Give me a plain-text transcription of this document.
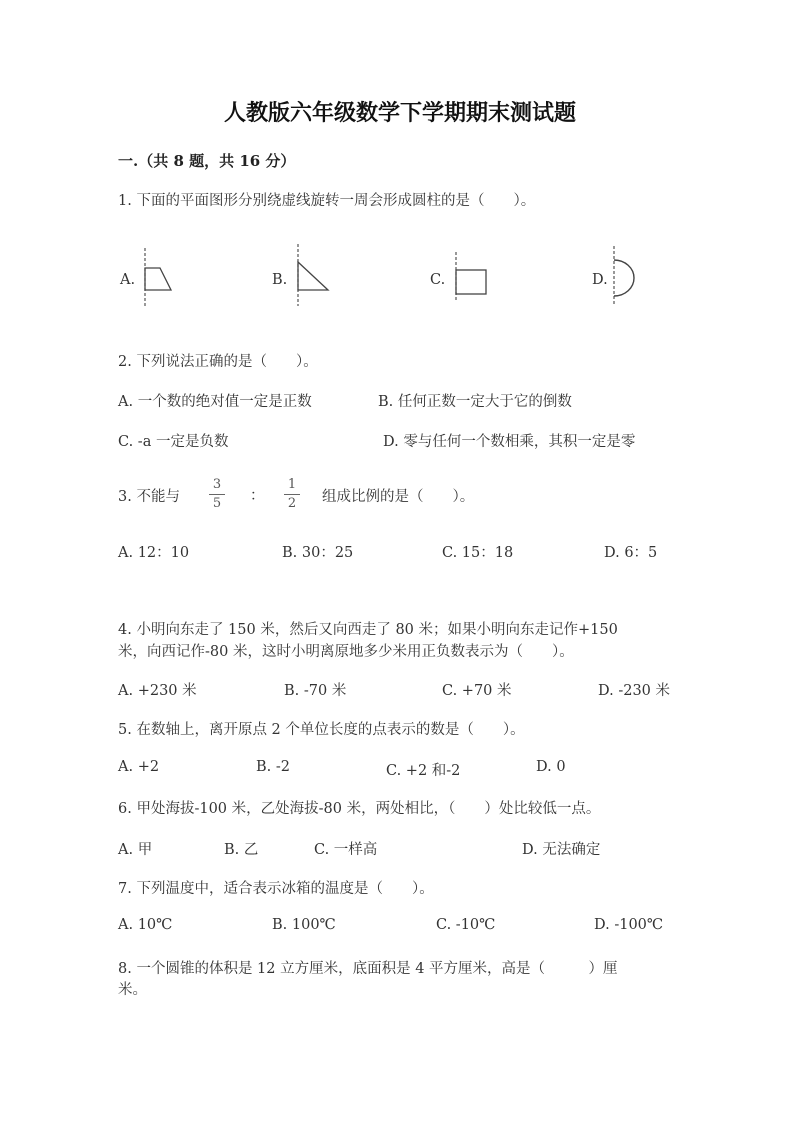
人教版六年级数学下学期期末测试题
一.（共 8 题，共 16 分）
1. 下面的平面图形分别绕虚线旋转一周会形成圆柱的是（　　）。
A.	B.	C.	D.
2. 下列说法正确的是（　　）。
A. 一个数的绝对值一定是正数	B. 任何正数一定大于它的倒数
C. -a 一定是负数	D. 零与任何一个数相乘，其积一定是零
3. 不能与
3
5 ：
1
2 组成比例的是（　　）。
A. 12：10	B. 30：25	C. 15：18	D. 6：5
4. 小明向东走了 150 米，然后又向西走了 80 米；如果小明向东走记作+150
米，向西记作-80 米，这时小明离原地多少米用正负数表示为（　　）。
A. +230 米	B. -70 米	C. +70 米	D. -230 米
5. 在数轴上，离开原点 2 个单位长度的点表示的数是（　　）。
A. +2	B. -2	C. +2 和-2	D. 0
6. 甲处海拔-100 米，乙处海拔-80 米，两处相比，（　　）处比较低一点。
A. 甲	B. 乙	C. 一样高	D. 无法确定
7. 下列温度中，适合表示冰箱的温度是（　　）。
A. 10℃	B. 100℃	C. -10℃	D. -100℃
8. 一个圆锥的体积是 12 立方厘米，底面积是 4 平方厘米，高是（　　　）厘
米。
